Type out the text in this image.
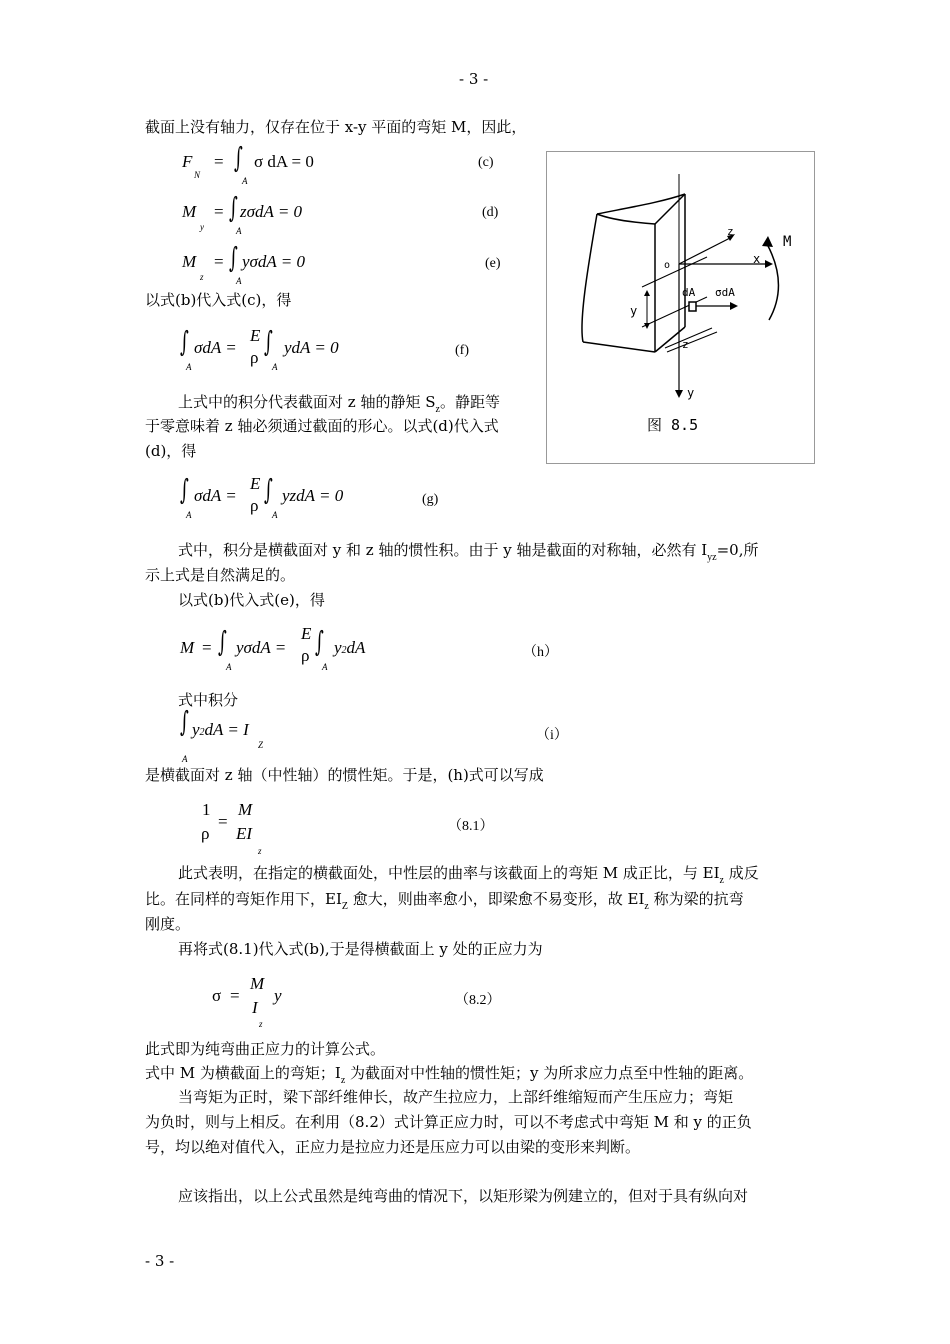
- 3 -
截面上没有轴力，仅存在位于 x-y 平面的弯矩 M，因此，
F
N
= ∫
A
σ dA = 0	(c)
M
y
= ∫
A
zσdA = 0	(d)
M
z
= ∫
A
yσdA = 0	(e)
以式(b)代入式(c)，得
∫
A
σdA =
E
ρ ∫
A
ydA = 0	(f)
上式中的积分代表截面对 z 轴的静矩 $S_z$。静距等
于零意味着 z 轴必须通过截面的形心。以式(d)代入式
(d)，得
∫
A
σdA =
E
ρ ∫
A
yzdA = 0	(g)
式中，积分是横截面对 y 和 z 轴的惯性积。由于 y 轴是截面的对称轴，必然有 $I_{yz}=0$,所
示上式是自然满足的。
以式(b)代入式(e)，得
M = ∫
A
yσdA =
E
ρ ∫
A
y2dA	（h）
式中积分
∫
A
y2dA = I
Z
（i）
是横截面对 z 轴（中性轴）的惯性矩。于是，(h)式可以写成
1
ρ
=
M
EI
z
（8.1）
此式表明，在指定的横截面处，中性层的曲率与该截面上的弯矩 M 成正比，与 $EI_z$ 成反
比。在同样的弯矩作用下，$EI_Z$ 愈大，则曲率愈小，即梁愈不易变形，故 $EI_z$ 称为梁的抗弯
刚度。
再将式(8.1)代入式(b),于是得横截面上 y 处的正应力为
σ =
M
I
z
y	（8.2）
此式即为纯弯曲正应力的计算公式。
式中 M 为横截面上的弯矩；$I_z$ 为截面对中性轴的惯性矩；y 为所求应力点至中性轴的距离。
当弯矩为正时，梁下部纤维伸长，故产生拉应力，上部纤维缩短而产生压应力；弯矩
为负时，则与上相反。在利用（8.2）式计算正应力时，可以不考虑式中弯矩 M 和 y 的正负
号，均以绝对值代入，正应力是拉应力还是压应力可以由梁的变形来判断。
应该指出，以上公式虽然是纯弯曲的情况下，以矩形梁为例建立的，但对于具有纵向对
- 3 -
z
x
M
o
dA σdA
y
z
y
图 8.5
